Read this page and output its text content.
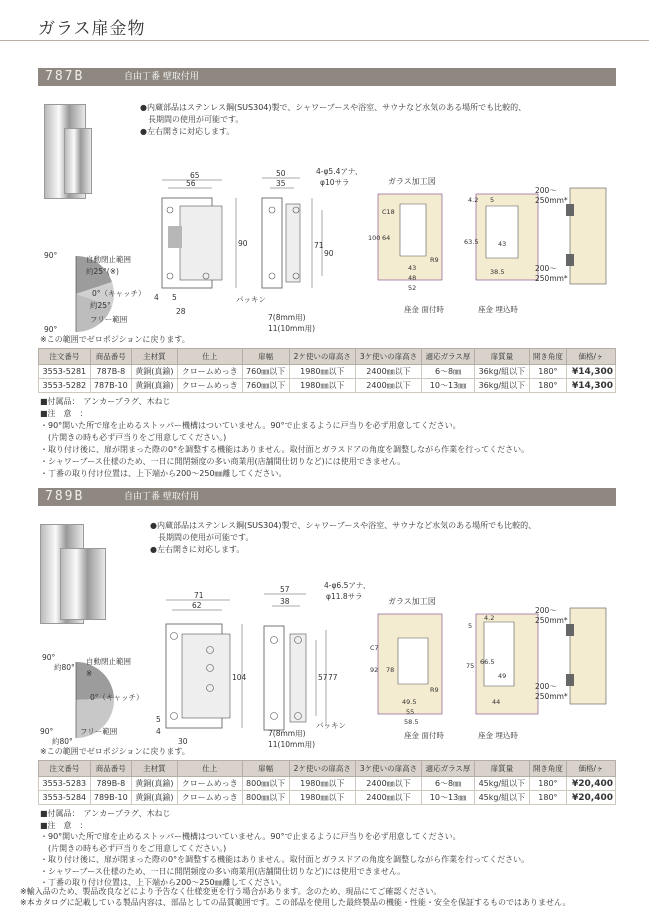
ガラス扉金物
787B	自由丁番 壁取付用
●内蔵部品はステンレス鋼(SUS304)製で、シャワーブースや浴室、サウナなど水気のある場所でも比較的、
　長期間の使用が可能です。
●左右開きに対応します。
90°	自動閉止範囲
約25°(※)
0°（キャッチ）
約25°
フリー範囲
90°
※この範囲でゼロポジションに戻ります。
65
56
90
4 5
28
4-φ5.4アナ、
φ10サラ
50
35
90
71
パッキン
7(8mm用)
11(10mm用)
ガラス加工図
C18
100 64
R9
43
48
52
4.2 5
63.5	43
38.5
座金 面付時	座金 埋込時
200～
250mm*
200～
250mm*
注文番号	商品番号	主材質	仕上	扉幅	2ケ使いの扉高さ	3ケ使いの扉高さ	適応ガラス厚	扉質量	開き角度	価格/ヶ
3553-5281	787B-8	黄銅(真鍮)	クロームめっき	760㎜以下	1980㎜以下	2400㎜以下	6～8㎜	36kg/組以下	180°	¥14,300
3553-5282	787B-10	黄銅(真鍮)	クロームめっき	760㎜以下	1980㎜以下	2400㎜以下	10～13㎜	36kg/組以下	180°	¥14,300
■付属品：　アンカープラグ、木ねじ
■注　意　：
・90°開いた所で扉を止めるストッパー機構はついていません。90°で止まるように戸当りを必ず用意してください。
　(片開きの時も必ず戸当りをご用意してください。)
・取り付け後に、扉が閉まった際の0°を調整する機能はありません。取付面とガラスドアの角度を調整しながら作業を行ってください。
・シャワーブース仕様のため、一日に開閉頻度の多い商業用(店舗間仕切りなど)には使用できません。
・丁番の取り付け位置は、上下端から200～250㎜離してください。
789B	自由丁番 壁取付用
●内蔵部品はステンレス鋼(SUS304)製で、シャワーブースや浴室、サウナなど水気のある場所でも比較的、
　長期間の使用が可能です。
●左右開きに対応します。
90°
約80°
自動閉止範囲
※
0°（キャッチ）
フリー範囲
90°
約80°
※この範囲でゼロポジションに戻ります。
71
62
104
5
4
30
4-φ6.5アナ、
φ11.8サラ
57
38
57 77
パッキン
7(8mm用)
11(10mm用)
ガラス加工図
C7
92 78
R9
49.5
55
58.5
4.2
5
75 66.5
49
44
座金 面付時	座金 埋込時
200～
250mm*
200～
250mm*
注文番号	商品番号	主材質	仕上	扉幅	2ケ使いの扉高さ	3ケ使いの扉高さ	適応ガラス厚	扉質量	開き角度	価格/ヶ
3553-5283	789B-8	黄銅(真鍮)	クロームめっき	800㎜以下	1980㎜以下	2400㎜以下	6～8㎜	45kg/組以下	180°	¥20,400
3553-5284	789B-10	黄銅(真鍮)	クロームめっき	800㎜以下	1980㎜以下	2400㎜以下	10～13㎜	45kg/組以下	180°	¥20,400
■付属品：　アンカープラグ、木ねじ
■注　意　：
・90°開いた所で扉を止めるストッパー機構はついていません。90°で止まるように戸当りを必ず用意してください。
　(片開きの時も必ず戸当りをご用意してください。)
・取り付け後に、扉が閉まった際の0°を調整する機能はありません。取付面とガラスドアの角度を調整しながら作業を行ってください。
・シャワーブース仕様のため、一日に開閉頻度の多い商業用(店舗間仕切りなど)には使用できません。
・丁番の取り付け位置は、上下端から200～250㎜離してください。
※輸入品のため、製品改良などにより予告なく仕様変更を行う場合があります。念のため、現品にてご確認ください。
※本カタログに記載している製品内容は、部品としての品質範囲です。この部品を使用した最終製品の機能・性能・安全を保証するものではありません。
